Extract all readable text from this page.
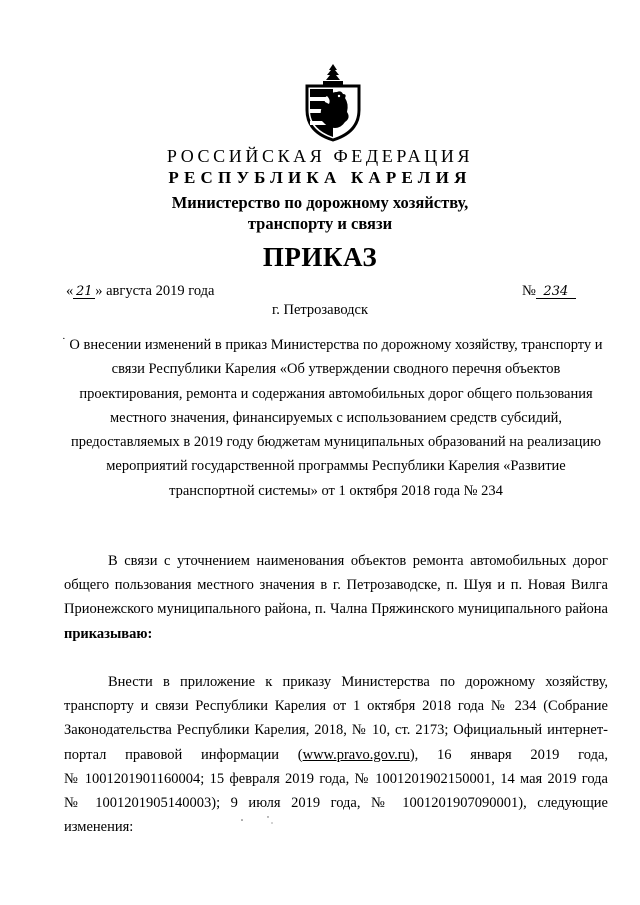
РОССИЙСКАЯ ФЕДЕРАЦИЯ
РЕСПУБЛИКА КАРЕЛИЯ
Министерство по дорожному хозяйству,
транспорту и связи
ПРИКАЗ
« 21 » августа 2019 года	№ 234
г. Петрозаводск
· О внесении изменений в приказ Министерства по дорожному хозяйству, транспорту и
связи Республики Карелия «Об утверждении сводного перечня объектов
проектирования, ремонта и содержания автомобильных дорог общего пользования
местного значения, финансируемых с использованием средств субсидий,
предоставляемых в 2019 году бюджетам муниципальных образований на реализацию
мероприятий государственной программы Республики Карелия «Развитие
транспортной системы» от 1 октября 2018 года № 234
В связи с уточнением наименования объектов ремонта автомобильных дорог
общего пользования местного значения в г. Петрозаводске, п. Шуя и п. Новая Вилга
Прионежского муниципального района, п. Чална Пряжинского муниципального района
приказываю:
Внести в приложение к приказу Министерства по дорожному хозяйству,
транспорту и связи Республики Карелия от 1 октября 2018 года № 234 (Собрание
Законодательства Республики Карелия, 2018, № 10, ст. 2173; Официальный интернет-
портал правовой информации (www.pravo.gov.ru), 16 января 2019 года,
№ 1001201901160004; 15 февраля 2019 года, № 1001201902150001, 14 мая 2019 года
№ 1001201905140003); 9 июля 2019 года, № 1001201907090001), следующие
изменения:
